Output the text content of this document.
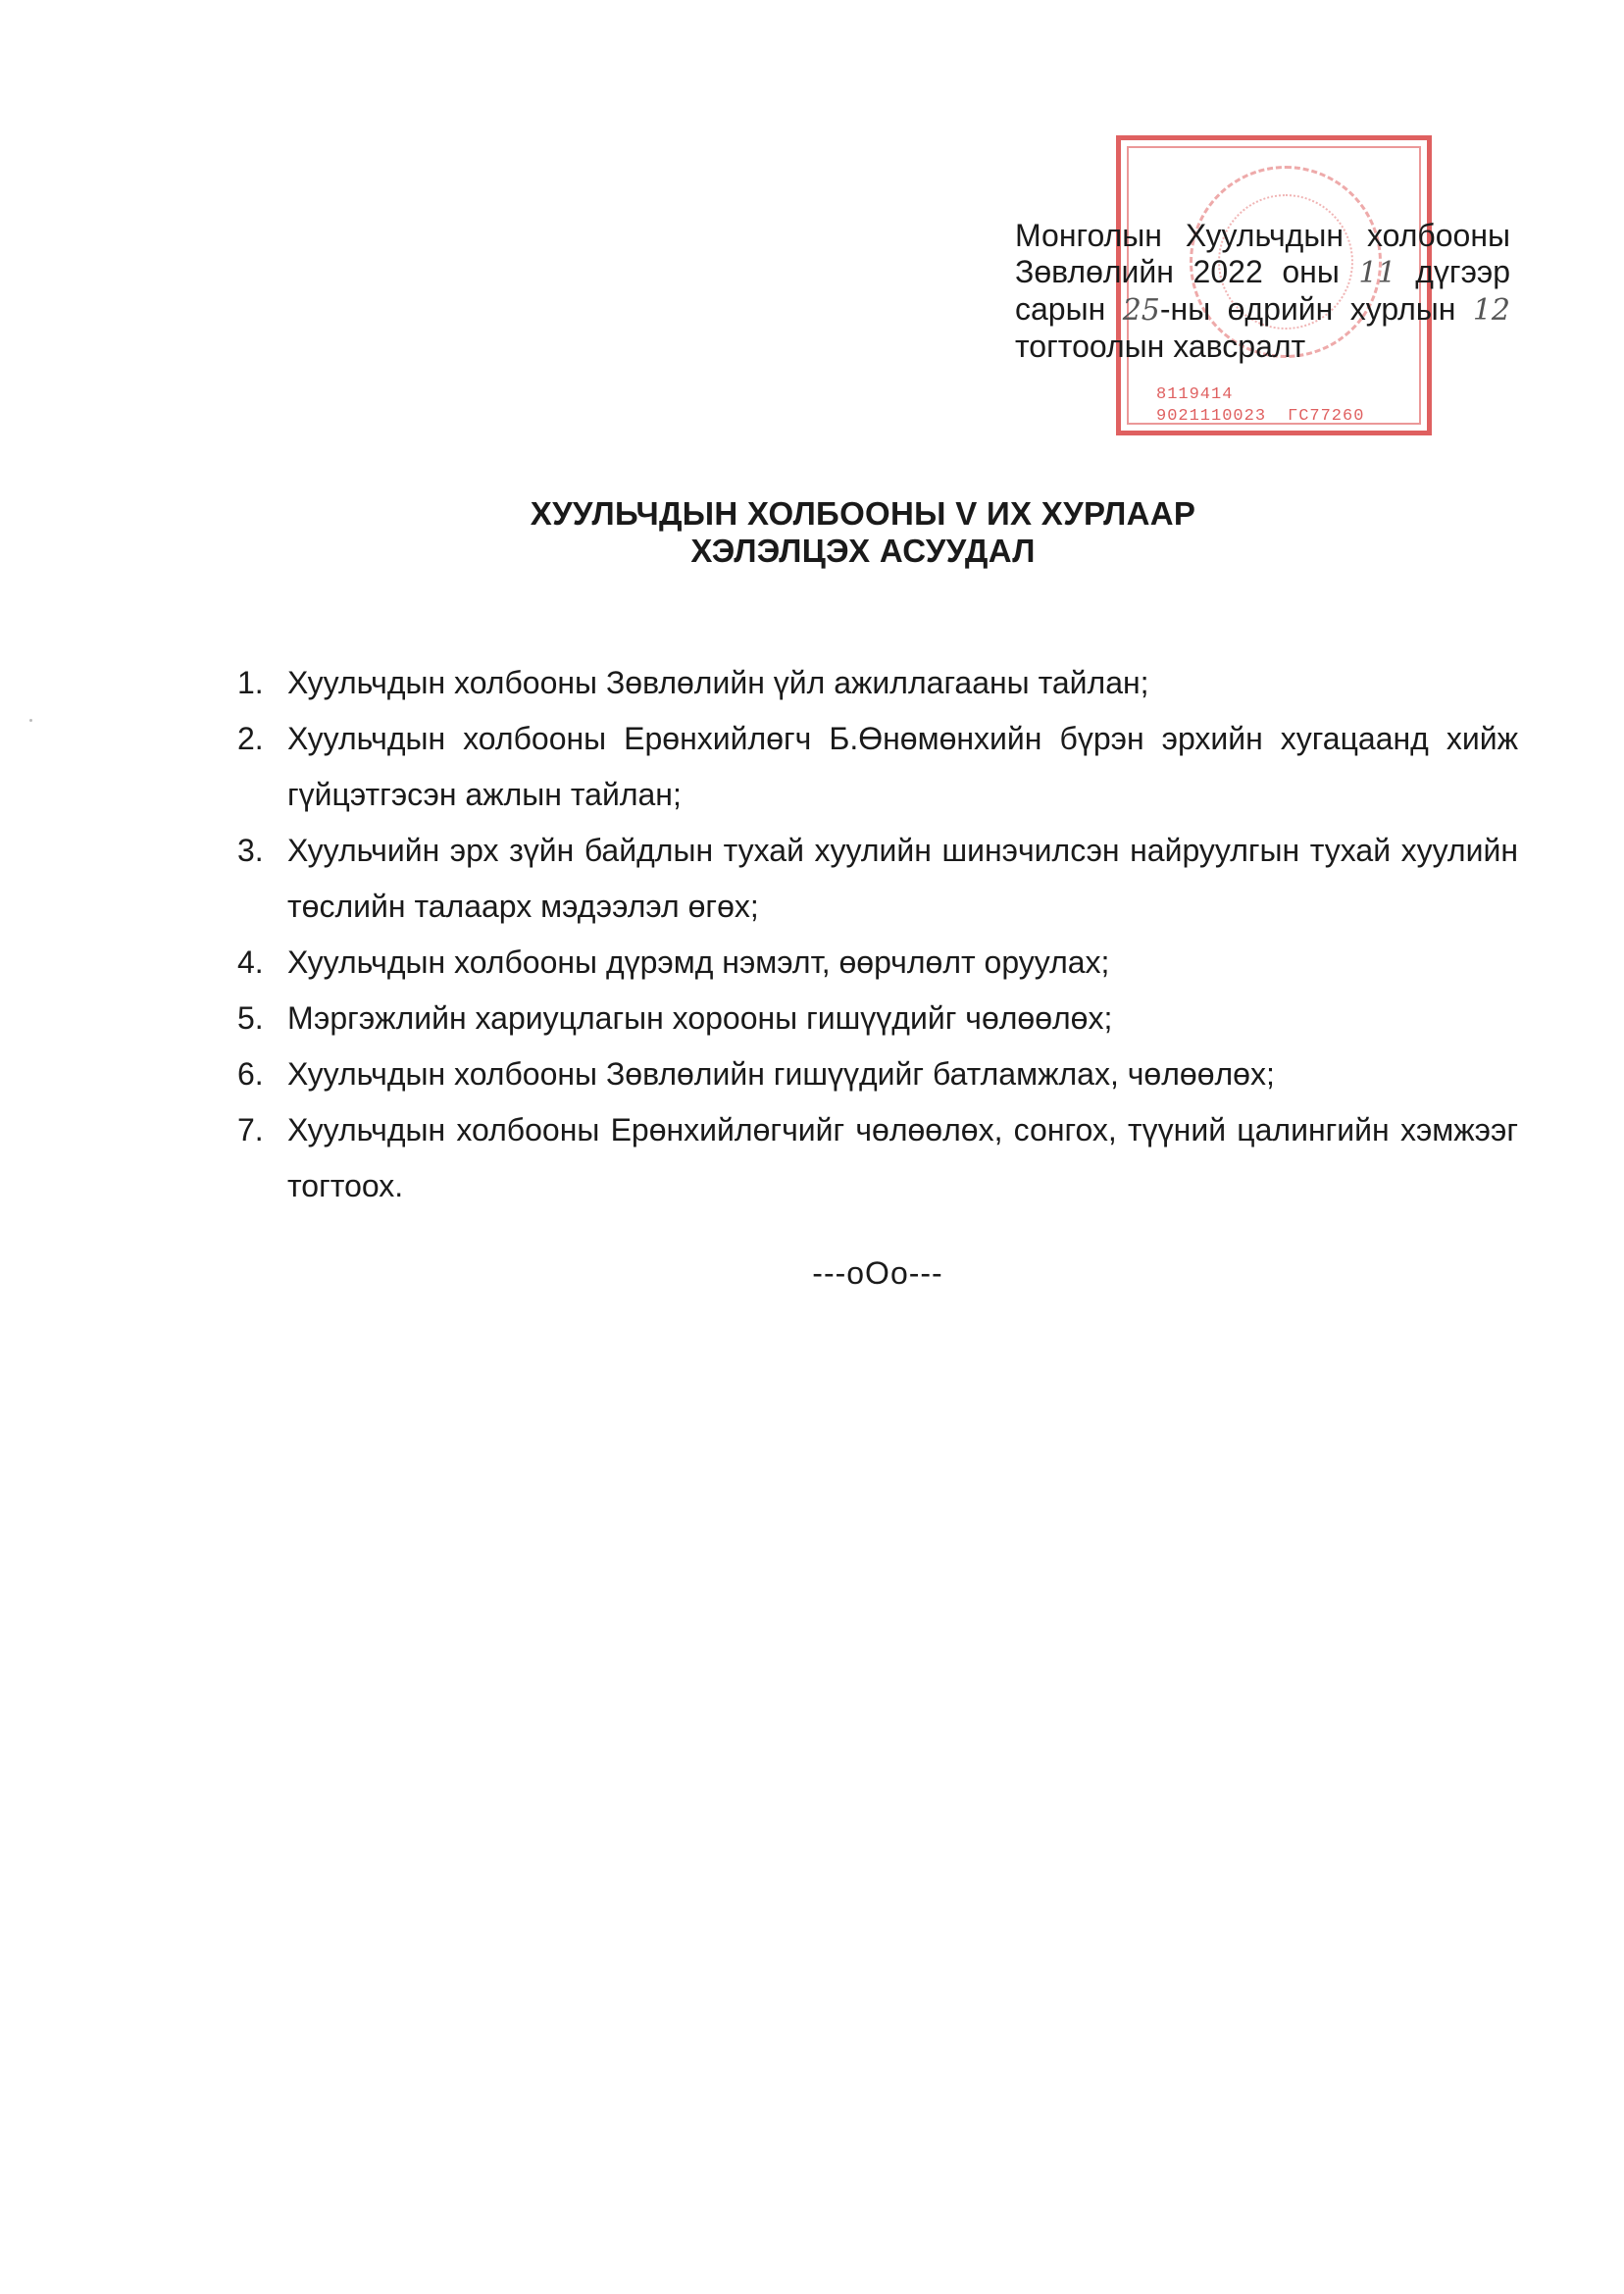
8119414
9021110023 ГС77260
Монголын Хуульчдын холбооны
Зөвлөлийн 2022 оны 11 дүгээр
сарын 25-ны өдрийн хурлын 12
тогтоолын хавсралт
ХУУЛЬЧДЫН ХОЛБООНЫ V ИХ ХУРЛААР
ХЭЛЭЛЦЭХ АСУУДАЛ
1. Хуульчдын холбооны Зөвлөлийн үйл ажиллагааны тайлан;
2. Хуульчдын холбооны Ерөнхийлөгч Б.Өнөмөнхийн бүрэн эрхийн хугацаанд хийж гүйцэтгэсэн ажлын тайлан;
3. Хуульчийн эрх зүйн байдлын тухай хуулийн шинэчилсэн найруулгын тухай хуулийн төслийн талаарх мэдээлэл өгөх;
4. Хуульчдын холбооны дүрэмд нэмэлт, өөрчлөлт оруулах;
5. Мэргэжлийн хариуцлагын хорооны гишүүдийг чөлөөлөх;
6. Хуульчдын холбооны Зөвлөлийн гишүүдийг батламжлах, чөлөөлөх;
7. Хуульчдын холбооны Ерөнхийлөгчийг чөлөөлөх, сонгох, түүний цалингийн хэмжээг тогтоох.
---oOo---
